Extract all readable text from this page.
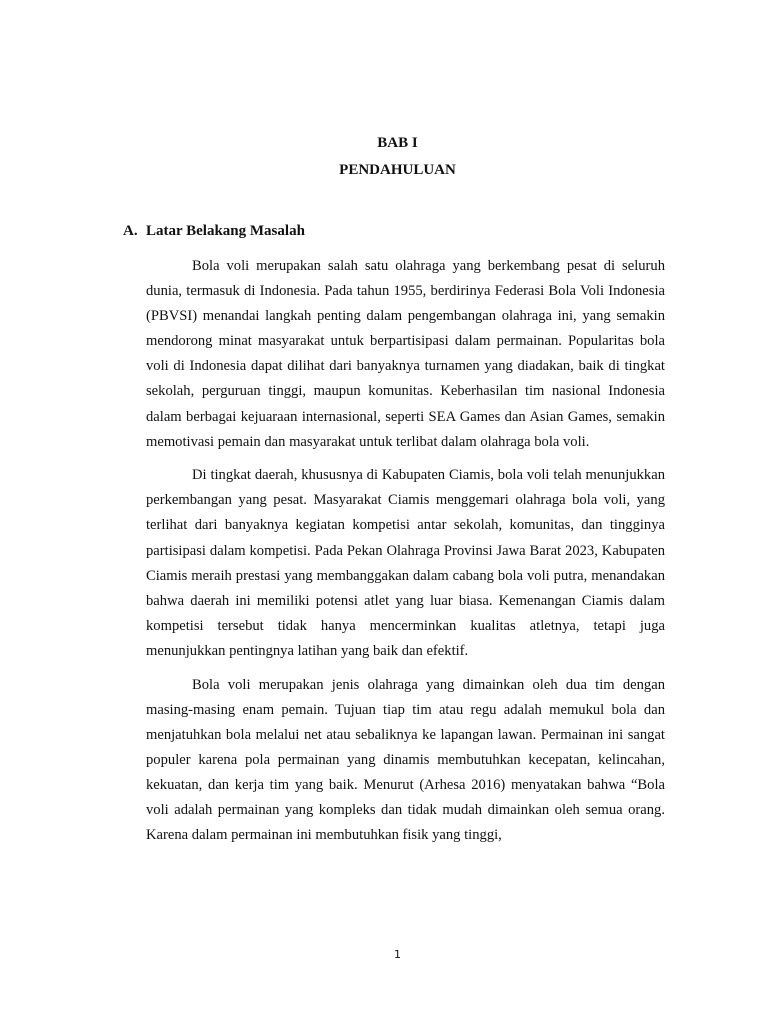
BAB I
PENDAHULUAN
A. Latar Belakang Masalah

Bola voli merupakan salah satu olahraga yang berkembang pesat di seluruh dunia, termasuk di Indonesia. Pada tahun 1955, berdirinya Federasi Bola Voli Indonesia (PBVSI) menandai langkah penting dalam pengembangan olahraga ini, yang semakin mendorong minat masyarakat untuk berpartisipasi dalam permainan. Popularitas bola voli di Indonesia dapat dilihat dari banyaknya turnamen yang diadakan, baik di tingkat sekolah, perguruan tinggi, maupun komunitas. Keberhasilan tim nasional Indonesia dalam berbagai kejuaraan internasional, seperti SEA Games dan Asian Games, semakin memotivasi pemain dan masyarakat untuk terlibat dalam olahraga bola voli.

Di tingkat daerah, khususnya di Kabupaten Ciamis, bola voli telah menunjukkan perkembangan yang pesat. Masyarakat Ciamis menggemari olahraga bola voli, yang terlihat dari banyaknya kegiatan kompetisi antar sekolah, komunitas, dan tingginya partisipasi dalam kompetisi. Pada Pekan Olahraga Provinsi Jawa Barat 2023, Kabupaten Ciamis meraih prestasi yang membanggakan dalam cabang bola voli putra, menandakan bahwa daerah ini memiliki potensi atlet yang luar biasa. Kemenangan Ciamis dalam kompetisi tersebut tidak hanya mencerminkan kualitas atletnya, tetapi juga menunjukkan pentingnya latihan yang baik dan efektif.

Bola voli merupakan jenis olahraga yang dimainkan oleh dua tim dengan masing-masing enam pemain. Tujuan tiap tim atau regu adalah memukul bola dan menjatuhkan bola melalui net atau sebaliknya ke lapangan lawan. Permainan ini sangat populer karena pola permainan yang dinamis membutuhkan kecepatan, kelincahan, kekuatan, dan kerja tim yang baik. Menurut (Arhesa 2016) menyatakan bahwa “Bola voli adalah permainan yang kompleks dan tidak mudah dimainkan oleh semua orang. Karena dalam permainan ini membutuhkan fisik yang tinggi,

1
